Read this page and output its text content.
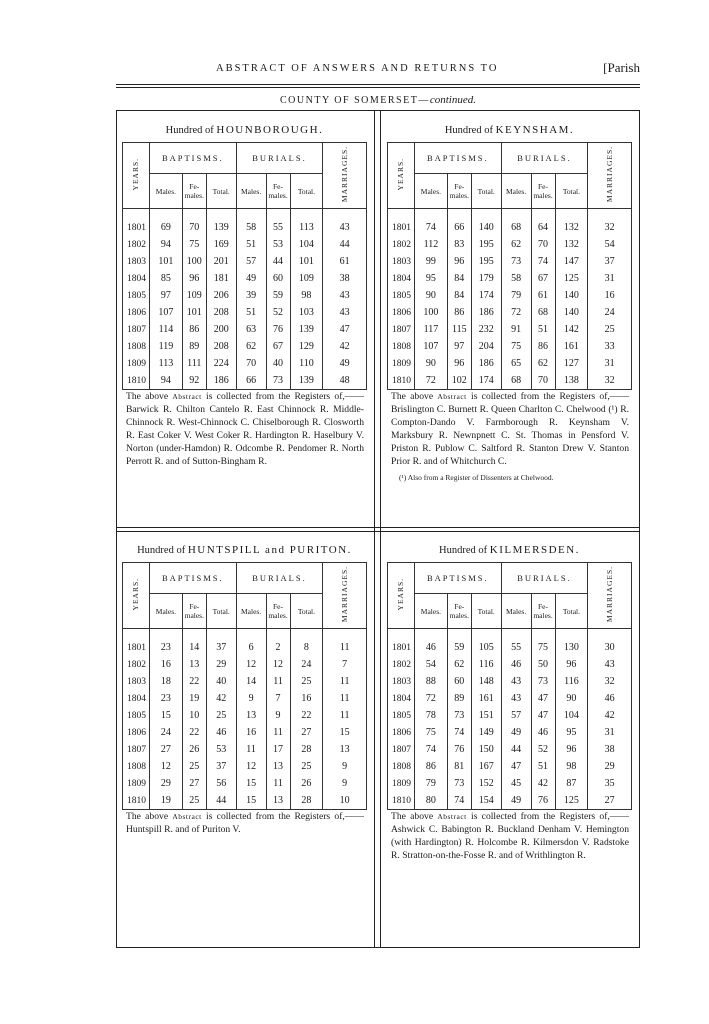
ABSTRACT OF ANSWERS AND RETURNS TO	[Parish
COUNTY OF SOMERSET—continued.
Hundred of HOUNBOROUGH.
YEARS.	BAPTISMS.			BURIALS.			MARRIAGES.
	Males.	Fe-males.	Total.	Males.	Fe-males.	Total.	

1801	69	70	139	58	55	113	43
1802	94	75	169	51	53	104	44
1803	101	100	201	57	44	101	61
1804	85	96	181	49	60	109	38
1805	97	109	206	39	59	98	43
1806	107	101	208	51	52	103	43
1807	114	86	200	63	76	139	47
1808	119	89	208	62	67	129	42
1809	113	111	224	70	40	110	49
1810	94	92	186	66	73	139	48
The above Abstract is collected from the Registers of,——Barwick R. Chilton Cantelo R. East Chinnock R. Middle-Chinnock R. West-Chinnock C. Chiselborough R. Closworth R. East Coker V. West Coker R. Hardington R. Haselbury V. Norton (under-Hamdon) R. Odcombe R. Pendomer R. North Perrott R. and of Sutton-Bingham R.
Hundred of KEYNSHAM.
YEARS.	BAPTISMS.			BURIALS.			MARRIAGES.
	Males.	Fe-males.	Total.	Males.	Fe-males.	Total.	

1801	74	66	140	68	64	132	32
1802	112	83	195	62	70	132	54
1803	99	96	195	73	74	147	37
1804	95	84	179	58	67	125	31
1805	90	84	174	79	61	140	16
1806	100	86	186	72	68	140	24
1807	117	115	232	91	51	142	25
1808	107	97	204	75	86	161	33
1809	90	96	186	65	62	127	31
1810	72	102	174	68	70	138	32
The above Abstract is collected from the Registers of,——Brislington C. Burnett R. Queen Charlton C. Chelwood (¹) R. Compton-Dando V. Farmborough R. Keynsham V. Marksbury R. Newnpnett C. St. Thomas in Pensford V. Priston R. Publow C. Saltford R. Stanton Drew V. Stanton Prior R. and of Whitchurch C.
(¹) Also from a Register of Dissenters at Chelwood.
Hundred of HUNTSPILL and PURITON.
YEARS.	BAPTISMS.			BURIALS.			MARRIAGES.
	Males.	Fe-males.	Total.	Males.	Fe-males.	Total.	

1801	23	14	37	6	2	8	11
1802	16	13	29	12	12	24	7
1803	18	22	40	14	11	25	11
1804	23	19	42	9	7	16	11
1805	15	10	25	13	9	22	11
1806	24	22	46	16	11	27	15
1807	27	26	53	11	17	28	13
1808	12	25	37	12	13	25	9
1809	29	27	56	15	11	26	9
1810	19	25	44	15	13	28	10
The above Abstract is collected from the Registers of,——Huntspill R. and of Puriton V.
Hundred of KILMERSDEN.
YEARS.	BAPTISMS.			BURIALS.			MARRIAGES.
	Males.	Fe-males.	Total.	Males.	Fe-males.	Total.	

1801	46	59	105	55	75	130	30
1802	54	62	116	46	50	96	43
1803	88	60	148	43	73	116	32
1804	72	89	161	43	47	90	46
1805	78	73	151	57	47	104	42
1806	75	74	149	49	46	95	31
1807	74	76	150	44	52	96	38
1808	86	81	167	47	51	98	29
1809	79	73	152	45	42	87	35
1810	80	74	154	49	76	125	27
The above Abstract is collected from the Registers of,——Ashwick C. Babington R. Buckland Denham V. Hemington (with Hardington) R. Holcombe R. Kilmersdon V. Radstoke R. Stratton-on-the-Fosse R. and of Writhlington R.
